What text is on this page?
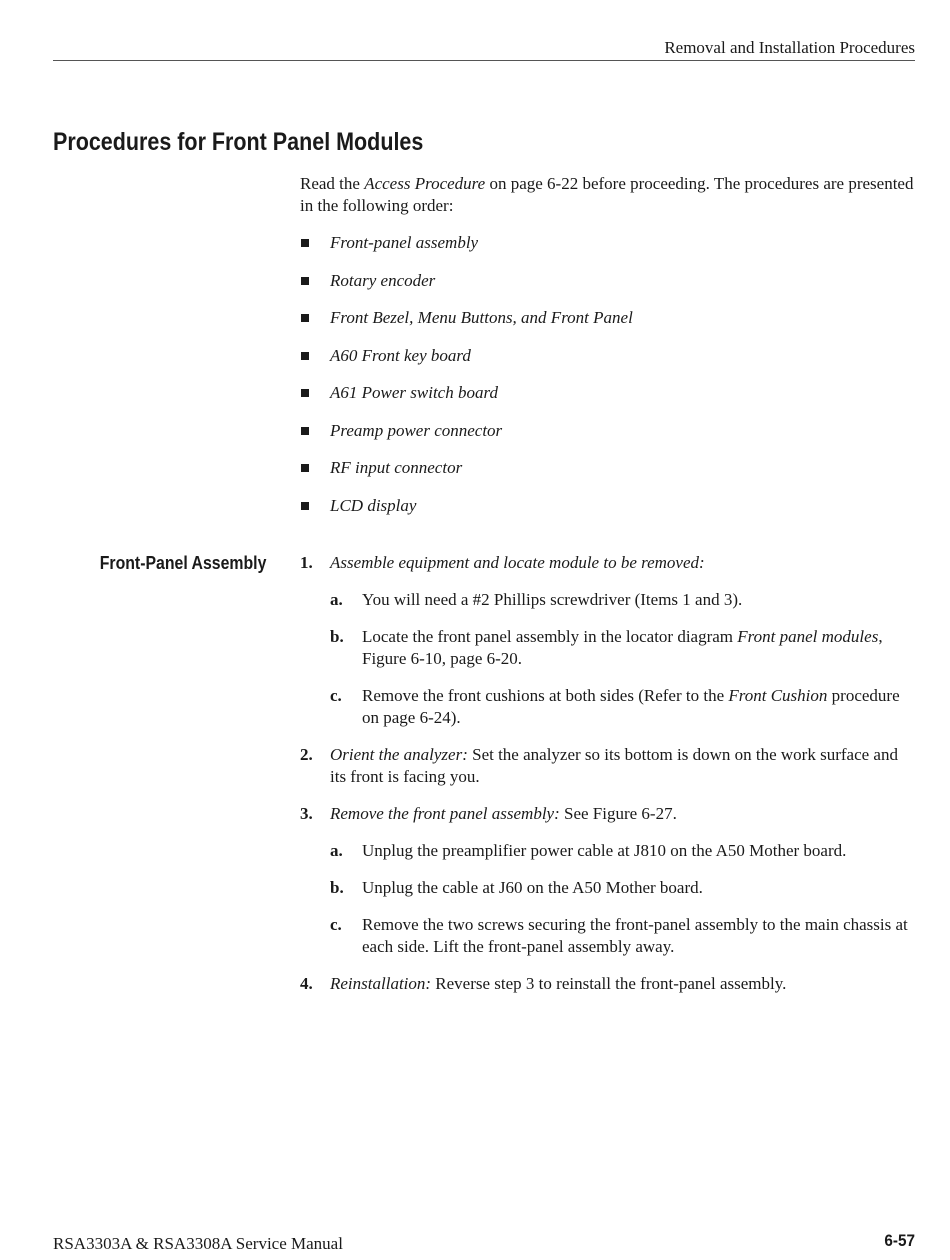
Removal and Installation Procedures
Procedures for Front Panel Modules

Read the Access Procedure on page 6-22 before proceeding. The procedures are presented in the following order:

Front-panel assembly
Rotary encoder
Front Bezel, Menu Buttons, and Front Panel
A60 Front key board
A61 Power switch board
Preamp power connector
RF input connector
LCD display
Front-Panel Assembly 1. Assemble equipment and locate module to be removed:
a. You will need a #2 Phillips screwdriver (Items 1 and 3).
b. Locate the front panel assembly in the locator diagram Front panel modules, Figure 6-10, page 6-20.
c. Remove the front cushions at both sides (Refer to the Front Cushion procedure on page 6-24).
2. Orient the analyzer: Set the analyzer so its bottom is down on the work surface and its front is facing you.
3. Remove the front panel assembly: See Figure 6-27.
a. Unplug the preamplifier power cable at J810 on the A50 Mother board.
b. Unplug the cable at J60 on the A50 Mother board.
c. Remove the two screws securing the front-panel assembly to the main chassis at each side. Lift the front-panel assembly away.
4. Reinstallation: Reverse step 3 to reinstall the front-panel assembly.
RSA3303A & RSA3308A Service Manual	6-57
